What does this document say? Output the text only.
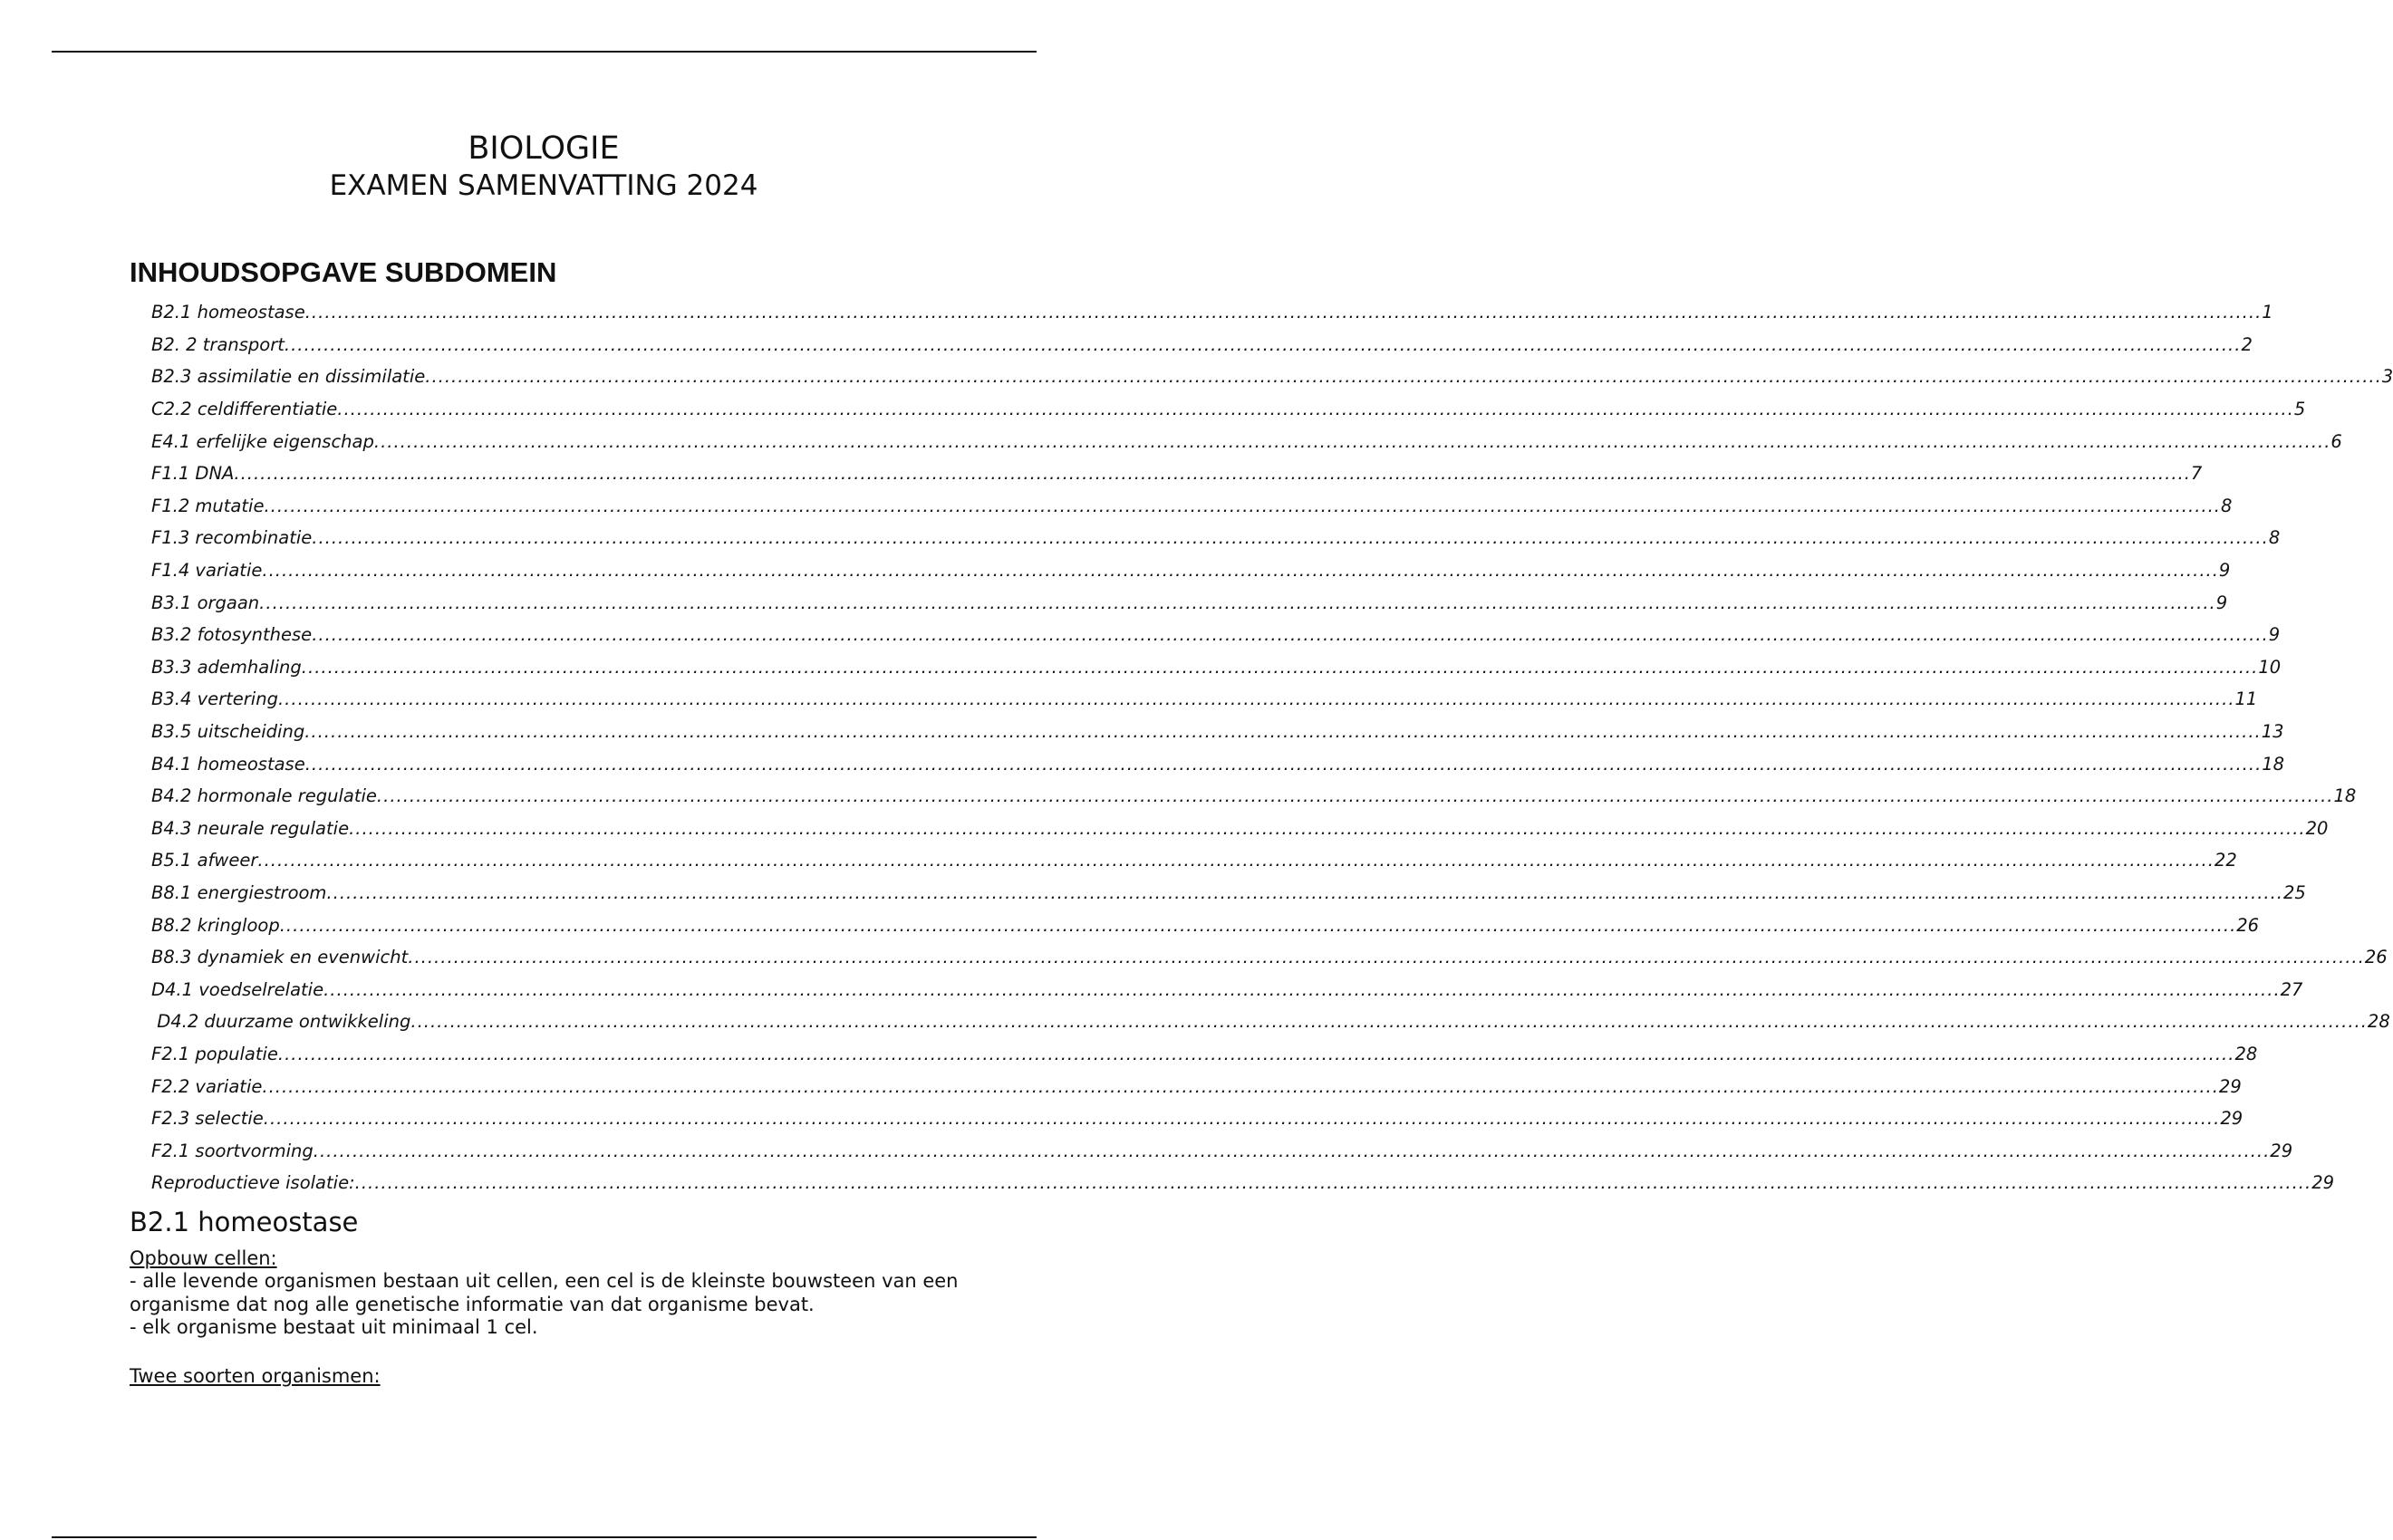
BIOLOGIE
EXAMEN SAMENVATTING 2024
INHOUDSOPGAVE SUBDOMEIN
B2.1 homeostase ............................................................................................................................................................................................................................................................................................................ 1
B2. 2 transport ............................................................................................................................................................................................................................................................................................................ 2
B2.3 assimilatie en dissimilatie ............................................................................................................................................................................................................................................................................................................ 3
C2.2 celdifferentiatie ............................................................................................................................................................................................................................................................................................................ 5
E4.1 erfelijke eigenschap ............................................................................................................................................................................................................................................................................................................ 6
F1.1 DNA ............................................................................................................................................................................................................................................................................................................ 7
F1.2 mutatie ............................................................................................................................................................................................................................................................................................................ 8
F1.3 recombinatie ............................................................................................................................................................................................................................................................................................................ 8
F1.4 variatie ............................................................................................................................................................................................................................................................................................................ 9
B3.1 orgaan ............................................................................................................................................................................................................................................................................................................ 9
B3.2 fotosynthese ............................................................................................................................................................................................................................................................................................................ 9
B3.3 ademhaling ............................................................................................................................................................................................................................................................................................................ 10
B3.4 vertering ............................................................................................................................................................................................................................................................................................................ 11
B3.5 uitscheiding ............................................................................................................................................................................................................................................................................................................ 13
B4.1 homeostase ............................................................................................................................................................................................................................................................................................................ 18
B4.2 hormonale regulatie ............................................................................................................................................................................................................................................................................................................ 18
B4.3 neurale regulatie ............................................................................................................................................................................................................................................................................................................ 20
B5.1 afweer ............................................................................................................................................................................................................................................................................................................ 22
B8.1 energiestroom ............................................................................................................................................................................................................................................................................................................ 25
B8.2 kringloop ............................................................................................................................................................................................................................................................................................................ 26
B8.3 dynamiek en evenwicht ............................................................................................................................................................................................................................................................................................................ 26
D4.1 voedselrelatie ............................................................................................................................................................................................................................................................................................................ 27
D4.2 duurzame ontwikkeling ............................................................................................................................................................................................................................................................................................................ 28
F2.1 populatie ............................................................................................................................................................................................................................................................................................................ 28
F2.2 variatie ............................................................................................................................................................................................................................................................................................................ 29
F2.3 selectie ............................................................................................................................................................................................................................................................................................................ 29
F2.1 soortvorming ............................................................................................................................................................................................................................................................................................................ 29
Reproductieve isolatie: ............................................................................................................................................................................................................................................................................................................ 29
B2.1 homeostase
Opbouw cellen:

- alle levende organismen bestaan uit cellen, een cel is de kleinste bouwsteen van een organisme dat nog alle genetische informatie van dat organisme bevat.

- elk organisme bestaat uit minimaal 1 cel.

Twee soorten organismen:
